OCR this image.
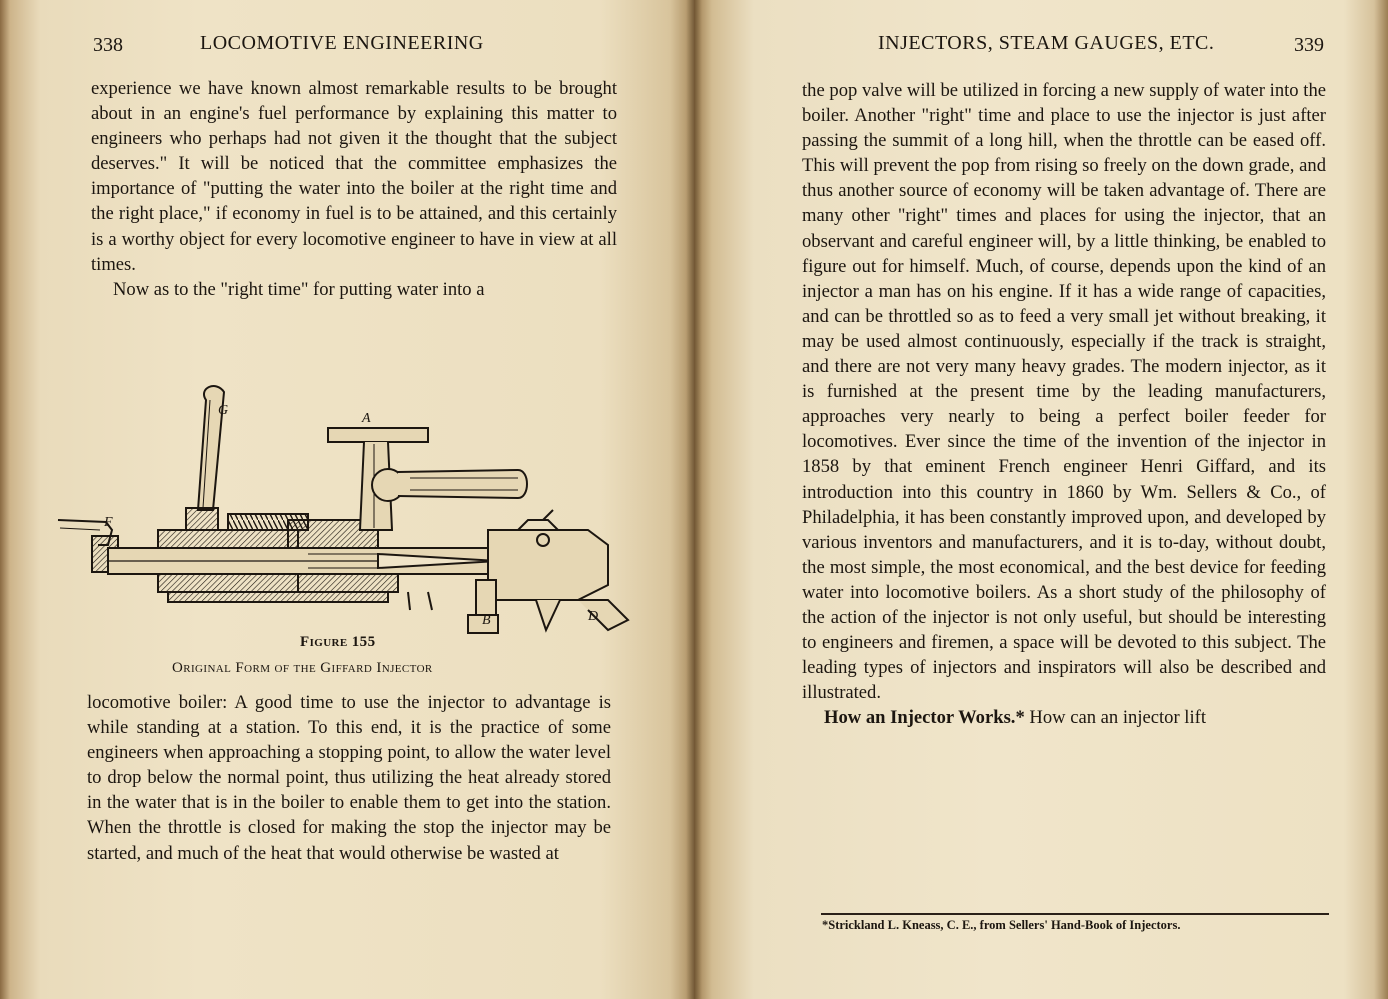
338	LOCOMOTIVE ENGINEERING

experience we have known almost remarkable results to be brought about in an engine's fuel performance by explaining this matter to engineers who perhaps had not given it the thought that the subject deserves." It will be noticed that the committee emphasizes the importance of "putting the water into the boiler at the right time and the right place," if economy in fuel is to be attained, and this certainly is a worthy object for every locomotive engineer to have in view at all times.

Now as to the "right time" for putting water into a

G
A
F
B	D
Figure 155
Original Form of the Giffard Injector

locomotive boiler: A good time to use the injector to advantage is while standing at a station. To this end, it is the practice of some engineers when approaching a stopping point, to allow the water level to drop below the normal point, thus utilizing the heat already stored in the water that is in the boiler to enable them to get into the station. When the throttle is closed for making the stop the injector may be started, and much of the heat that would otherwise be wasted at

INJECTORS, STEAM GAUGES, ETC.	339

the pop valve will be utilized in forcing a new supply of water into the boiler. Another "right" time and place to use the injector is just after passing the summit of a long hill, when the throttle can be eased off. This will prevent the pop from rising so freely on the down grade, and thus another source of economy will be taken advantage of. There are many other "right" times and places for using the injector, that an observant and careful engineer will, by a little thinking, be enabled to figure out for himself. Much, of course, depends upon the kind of an injector a man has on his engine. If it has a wide range of capacities, and can be throttled so as to feed a very small jet without breaking, it may be used almost continuously, especially if the track is straight, and there are not very many heavy grades. The modern injector, as it is furnished at the present time by the leading manufacturers, approaches very nearly to being a perfect boiler feeder for locomotives. Ever since the time of the invention of the injector in 1858 by that eminent French engineer Henri Giffard, and its introduction into this country in 1860 by Wm. Sellers & Co., of Philadelphia, it has been constantly improved upon, and developed by various inventors and manufacturers, and it is to-day, without doubt, the most simple, the most economical, and the best device for feeding water into locomotive boilers. As a short study of the philosophy of the action of the injector is not only useful, but should be interesting to engineers and firemen, a space will be devoted to this subject. The leading types of injectors and inspirators will also be described and illustrated.

How an Injector Works.* How can an injector lift

*Strickland L. Kneass, C. E., from Sellers' Hand-Book of Injectors.
